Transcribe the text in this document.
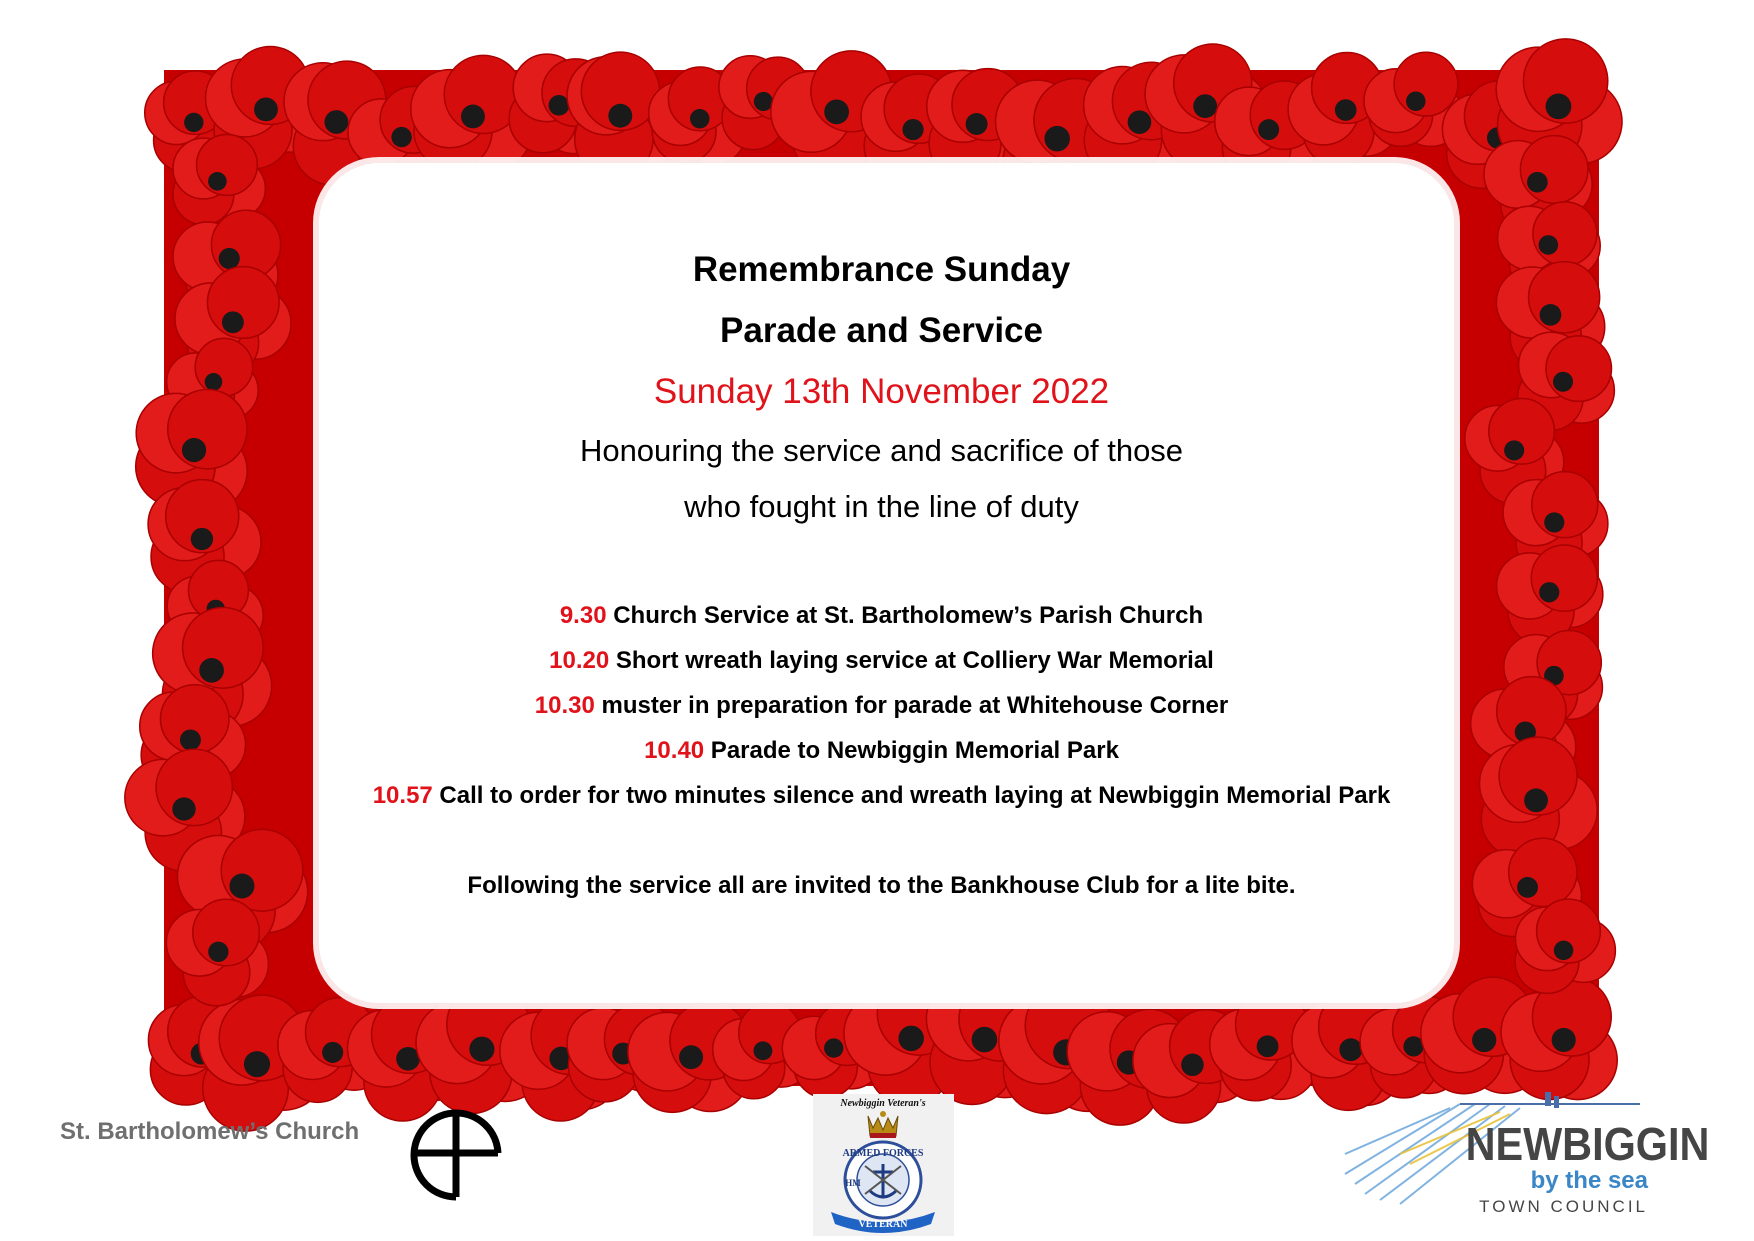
Remembrance Sunday
Parade and Service
Sunday 13th November 2022
Honouring the service and sacrifice of those
who fought in the line of duty
9.30 Church Service at St. Bartholomew’s Parish Church
10.20 Short wreath laying service at Colliery War Memorial
10.30 muster in preparation for parade at Whitehouse Corner
10.40 Parade to Newbiggin Memorial Park
10.57 Call to order for two minutes silence and wreath laying at Newbiggin Memorial Park
Following the service all are invited to the Bankhouse Club for a lite bite.
St. Bartholomew’s Church
Newbiggin Veteran's
ARMED FORCES
HM
VETERAN
NEWBIGGIN
by the sea
TOWN COUNCIL
